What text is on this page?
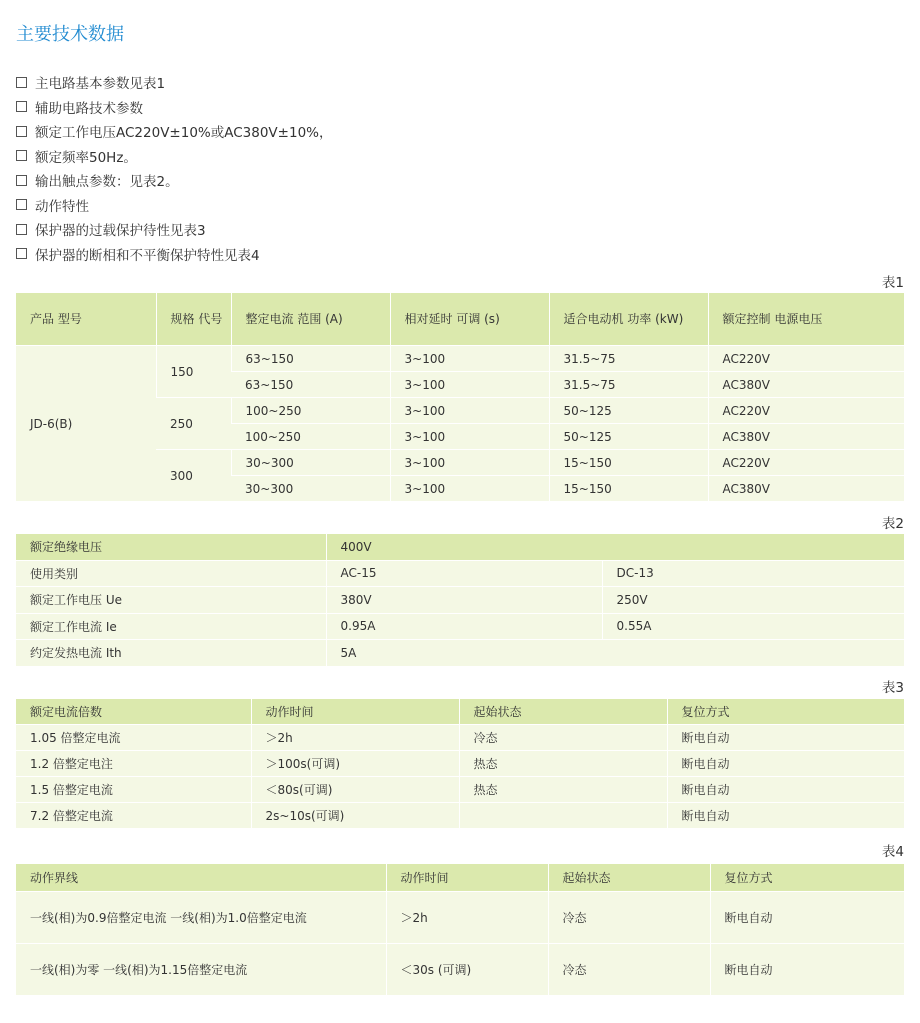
主要技术数据
主电路基本参数见表1
辅助电路技术参数
额定工作电压AC220V±10%或AC380V±10%，
额定频率50Hz。
输出触点参数：见表2。
动作特性
保护器的过载保护待性见表3
保护器的断相和不平衡保护特性见表4
表1
产品 型号	规格 代号	整定电流 范围 (A)	相对延时 可调 (s)	适合电动机 功率 (kW)	额定控制 电源电压
JD-6(B)	150	63~150	3~100	31.5~75	AC220V
		63~150	3~100	31.5~75	AC380V
	250	100~250	3~100	50~125	AC220V
		100~250	3~100	50~125	AC380V
	300	30~300	3~100	15~150	AC220V
		30~300	3~100	15~150	AC380V
表2
额定绝缘电压	400V	
使用类别	AC-15	DC-13
额定工作电压 Ue	380V	250V
额定工作电流 Ie	0.95A	0.55A
约定发热电流 Ith	5A	
表3
额定电流倍数	动作时间	起始状态	复位方式
1.05 倍整定电流	＞2h	冷态	断电自动
1.2 倍整定电注	＞100s(可调)	热态	断电自动
1.5 倍整定电流	＜80s(可调)	热态	断电自动
7.2 倍整定电流	2s~10s(可调)		断电自动
表4
动作界线	动作时间	起始状态	复位方式
一线(相)为0.9倍整定电流 一线(相)为1.0倍整定电流	＞2h	冷态	断电自动
一线(相)为零 一线(相)为1.15倍整定电流	＜30s (可调)	冷态	断电自动
